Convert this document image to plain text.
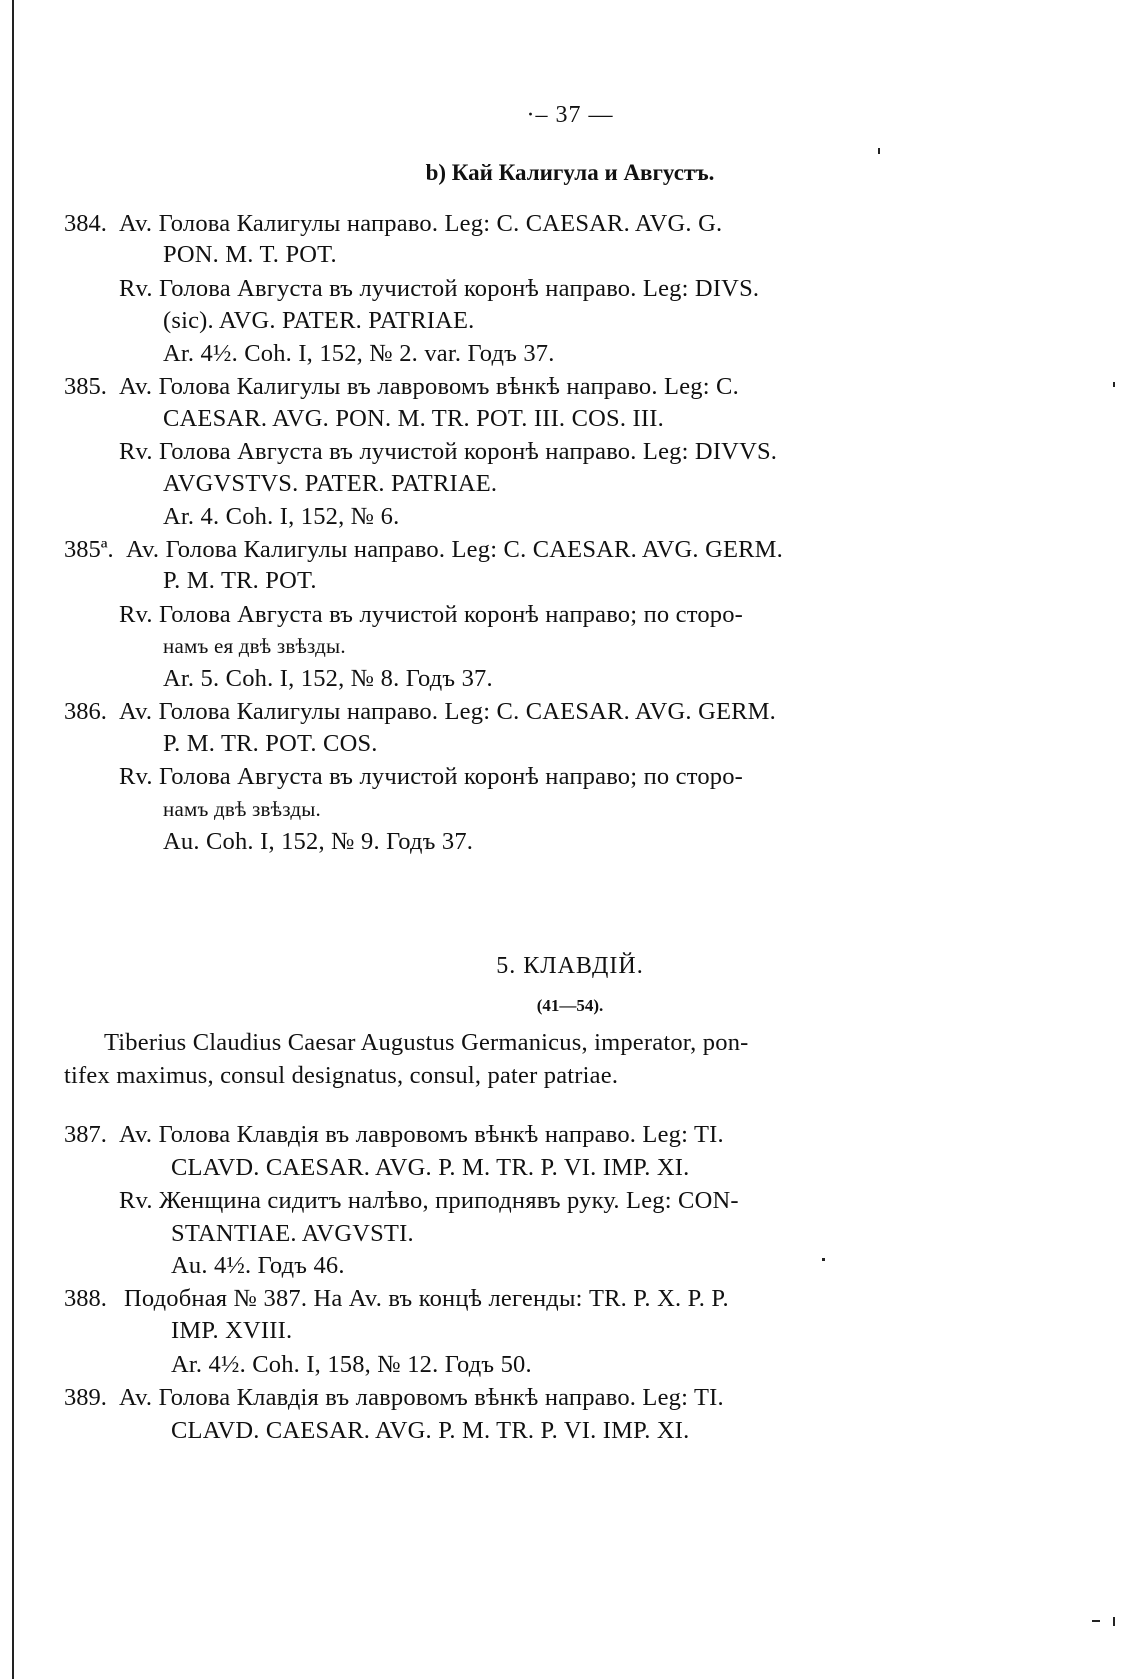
·– 37 —
b) Кай Калигула и Августъ.
384. Av. Голова Калигулы направо. Leg: C. CAESAR. AVG. G.
PON. M. T. POT.
Rv. Голова Августа въ лучистой коронѣ направо. Leg: DIVS.
(sic). AVG. PATER. PATRIAE.
Ar. 4½. Coh. I, 152, № 2. var. Годъ 37.
385. Av. Голова Калигулы въ лавровомъ вѣнкѣ направо. Leg: C.
CAESAR. AVG. PON. M. TR. POT. III. COS. III.
Rv. Голова Августа въ лучистой коронѣ направо. Leg: DIVVS.
AVGVSTVS. PATER. PATRIAE.
Ar. 4. Coh. I, 152, № 6.
385ª. Av. Голова Калигулы направо. Leg: C. CAESAR. AVG. GERM.
P. M. TR. POT.
Rv. Голова Августа въ лучистой коронѣ направо; по сторо-
намъ ея двѣ звѣзды.
Ar. 5. Coh. I, 152, № 8. Годъ 37.
386. Av. Голова Калигулы направо. Leg: C. CAESAR. AVG. GERM.
P. M. TR. POT. COS.
Rv. Голова Августа въ лучистой коронѣ направо; по сторо-
намъ двѣ звѣзды.
Au. Coh. I, 152, № 9. Годъ 37.
5. КЛАВДIЙ.
(41—54).
Tiberius Claudius Caesar Augustus Germanicus, imperator, pon-
tifex maximus, consul designatus, consul, pater patriae.
387. Av. Голова Клавдія въ лавровомъ вѣнкѣ направо. Leg: TI.
CLAVD. CAESAR. AVG. P. M. TR. P. VI. IMP. XI.
Rv. Женщина сидитъ налѣво, приподнявъ руку. Leg: CON-
STANTIAE. AVGVSTI.
Au. 4½. Годъ 46.
388. Подобная № 387. На Av. въ концѣ легенды: TR. P. X. P. P.
IMP. XVIII.
Ar. 4½. Coh. I, 158, № 12. Годъ 50.
389. Av. Голова Клавдія въ лавровомъ вѣнкѣ направо. Leg: TI.
CLAVD. CAESAR. AVG. P. M. TR. P. VI. IMP. XI.
